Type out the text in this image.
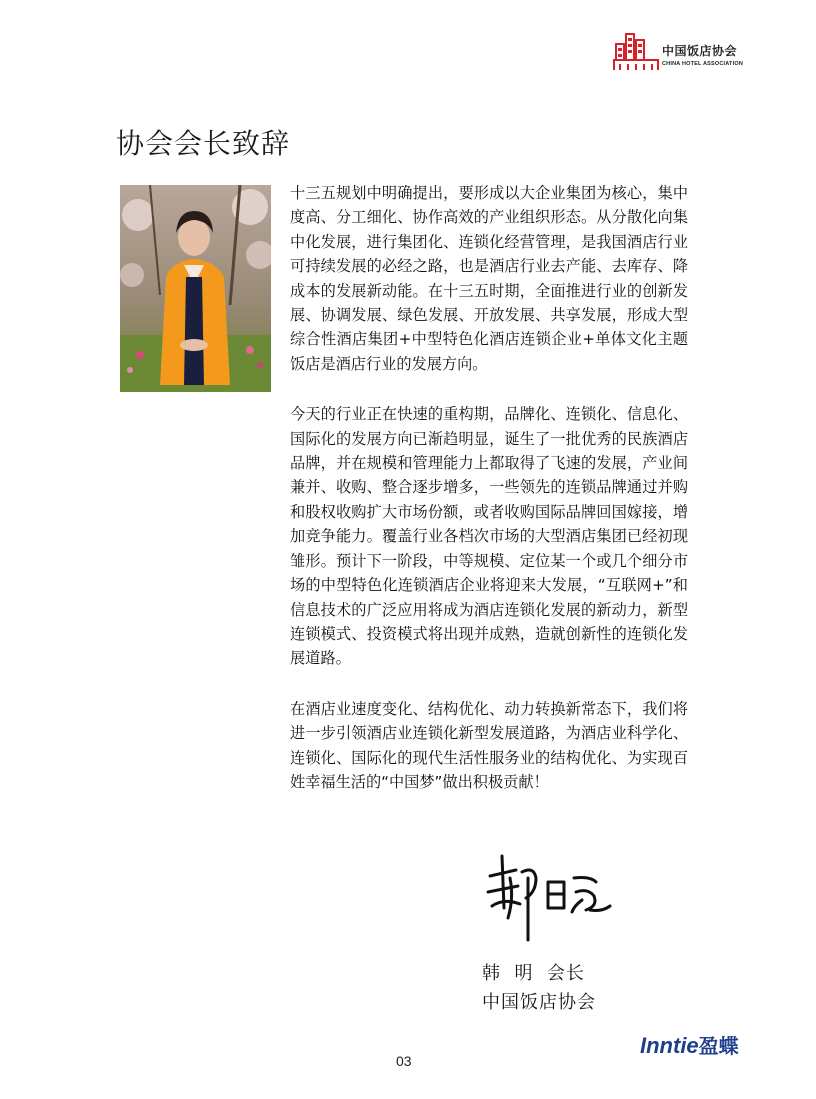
中国饭店协会
CHINA HOTEL ASSOCIATION
协会会长致辞

十三五规划中明确提出，要形成以大企业集团为核心，集中度高、分工细化、协作高效的产业组织形态。从分散化向集中化发展，进行集团化、连锁化经营管理，是我国酒店行业可持续发展的必经之路，也是酒店行业去产能、去库存、降成本的发展新动能。在十三五时期，全面推进行业的创新发展、协调发展、绿色发展、开放发展、共享发展，形成大型综合性酒店集团+中型特色化酒店连锁企业+单体文化主题饭店是酒店行业的发展方向。

今天的行业正在快速的重构期，品牌化、连锁化、信息化、国际化的发展方向已渐趋明显，诞生了一批优秀的民族酒店品牌，并在规模和管理能力上都取得了飞速的发展，产业间兼并、收购、整合逐步增多，一些领先的连锁品牌通过并购和股权收购扩大市场份额，或者收购国际品牌回国嫁接，增加竞争能力。覆盖行业各档次市场的大型酒店集团已经初现雏形。预计下一阶段，中等规模、定位某一个或几个细分市场的中型特色化连锁酒店企业将迎来大发展，“互联网+”和信息技术的广泛应用将成为酒店连锁化发展的新动力，新型连锁模式、投资模式将出现并成熟，造就创新性的连锁化发展道路。

在酒店业速度变化、结构优化、动力转换新常态下，我们将进一步引领酒店业连锁化新型发展道路，为酒店业科学化、连锁化、国际化的现代生活性服务业的结构优化、为实现百姓幸福生活的“中国梦”做出积极贡献！

韩  明  会长
中国饭店协会
03
Inntie盈蝶
